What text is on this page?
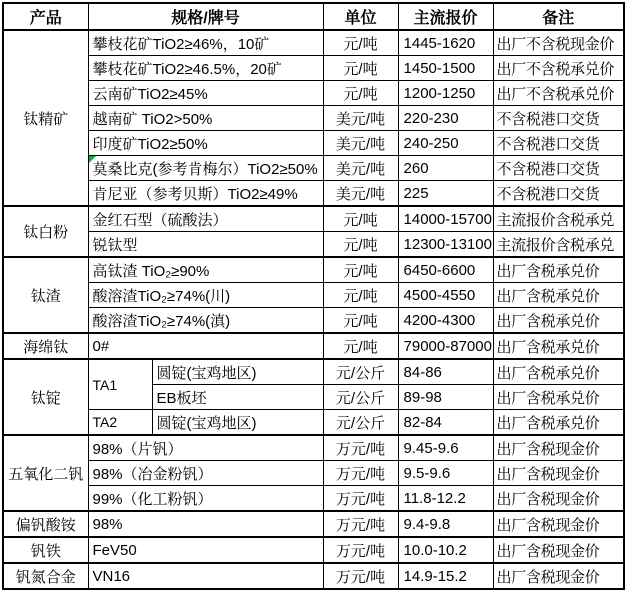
产品	规格/牌号		单位	主流报价	备注
钛精矿	攀枝花矿TiO2≥46%，10矿		元/吨	1445-1620	出厂不含税现金价
	攀枝花矿TiO2≥46.5%，20矿		元/吨	1450-1500	出厂不含税承兑价
	云南矿TiO2≥45%		元/吨	1200-1250	出厂不含税承兑价
	越南矿 TiO2>50%		美元/吨	220-230	不含税港口交货
	印度矿TiO2≥50%		美元/吨	240-250	不含税港口交货
	莫桑比克(参考肯梅尔）TiO2≥50%		美元/吨	260	不含税港口交货
	肯尼亚（参考贝斯）TiO2≥49%		美元/吨	225	不含税港口交货
钛白粉	金红石型（硫酸法）		元/吨	14000-15700	主流报价含税承兑
	锐钛型		元/吨	12300-13100	主流报价含税承兑
钛渣	高钛渣 TiO₂≥90%		元/吨	6450-6600	出厂含税承兑价
	酸溶渣TiO₂≥74%(川)		元/吨	4500-4550	出厂含税承兑价
	酸溶渣TiO₂≥74%(滇)		元/吨	4200-4300	出厂含税承兑价
海绵钛	0#		元/吨	79000-87000	出厂含税承兑价
钛锭	TA1	圆锭(宝鸡地区)	元/公斤	84-86	出厂含税承兑价
		EB板坯	元/公斤	89-98	出厂含税承兑价
	TA2	圆锭(宝鸡地区)	元/公斤	82-84	出厂含税承兑价
五氧化二钒	98%（片钒）		万元/吨	9.45-9.6	出厂含税现金价
	98%（冶金粉钒）		万元/吨	9.5-9.6	出厂含税现金价
	99%（化工粉钒）		万元/吨	11.8-12.2	出厂含税现金价
偏钒酸铵	98%		万元/吨	9.4-9.8	出厂含税现金价
钒铁	FeV50		万元/吨	10.0-10.2	出厂含税现金价
钒氮合金	VN16		万元/吨	14.9-15.2	出厂含税现金价
